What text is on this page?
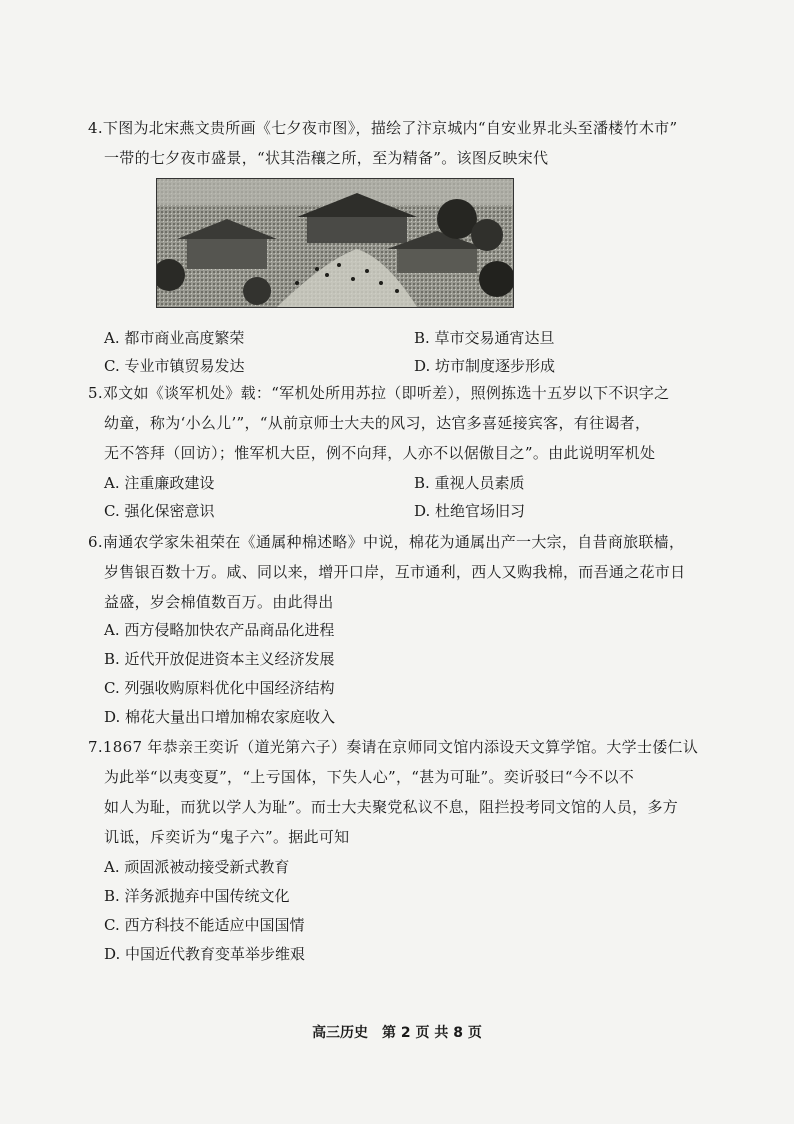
4.下图为北宋燕文贵所画《七夕夜市图》，描绘了汴京城内“自安业界北头至潘楼竹木市”
一带的七夕夜市盛景，“状其浩穰之所，至为精备”。该图反映宋代
A. 都市商业高度繁荣	B. 草市交易通宵达旦
C. 专业市镇贸易发达	D. 坊市制度逐步形成
5.邓文如《谈军机处》载：“军机处所用苏拉（即听差），照例拣选十五岁以下不识字之
幼童，称为‘小么儿’”，“从前京师士大夫的风习，达官多喜延接宾客，有往谒者，
无不答拜（回访）；惟军机大臣，例不向拜，人亦不以倨傲目之”。由此说明军机处
A. 注重廉政建设	B. 重视人员素质
C. 强化保密意识	D. 杜绝官场旧习
6.南通农学家朱祖荣在《通属种棉述略》中说，棉花为通属出产一大宗，自昔商旅联樯，
岁售银百数十万。咸、同以来，增开口岸，互市通利，西人又购我棉，而吾通之花市日
益盛，岁会棉值数百万。由此得出
A. 西方侵略加快农产品商品化进程
B. 近代开放促进资本主义经济发展
C. 列强收购原料优化中国经济结构
D. 棉花大量出口增加棉农家庭收入
7.1867 年恭亲王奕䜣（道光第六子）奏请在京师同文馆内添设天文算学馆。大学士倭仁认
为此举“以夷变夏”，“上亏国体，下失人心”，“甚为可耻”。奕䜣驳曰“今不以不
如人为耻，而犹以学人为耻”。而士大夫聚党私议不息，阻拦投考同文馆的人员，多方
讥诋，斥奕䜣为“鬼子六”。据此可知
A. 顽固派被动接受新式教育
B. 洋务派抛弃中国传统文化
C. 西方科技不能适应中国国情
D. 中国近代教育变革举步维艰
高三历史　第 2 页 共 8 页
